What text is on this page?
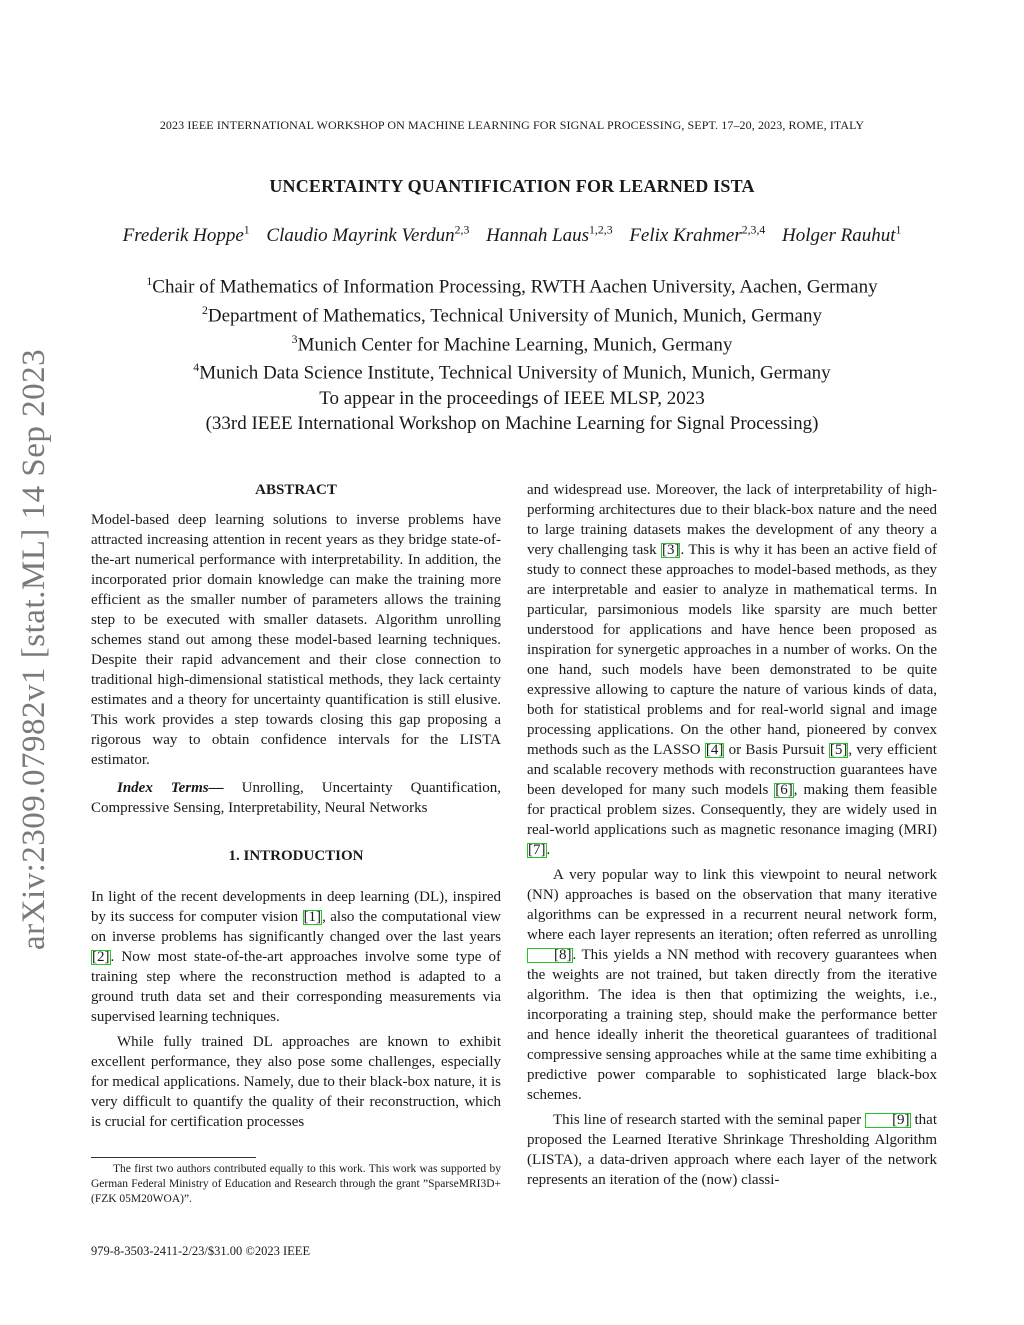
2023 IEEE INTERNATIONAL WORKSHOP ON MACHINE LEARNING FOR SIGNAL PROCESSING, SEPT. 17–20, 2023, ROME, ITALY
arXiv:2309.07982v1 [stat.ML] 14 Sep 2023
UNCERTAINTY QUANTIFICATION FOR LEARNED ISTA
Frederik Hoppe$^1$ Claudio Mayrink Verdun$^{2,3}$ Hannah Laus$^{1,2,3}$ Felix Krahmer$^{2,3,4}$ Holger Rauhut$^1$
$^1$Chair of Mathematics of Information Processing, RWTH Aachen University, Aachen, Germany
$^2$Department of Mathematics, Technical University of Munich, Munich, Germany
$^3$Munich Center for Machine Learning, Munich, Germany
$^4$Munich Data Science Institute, Technical University of Munich, Munich, Germany
To appear in the proceedings of IEEE MLSP, 2023
(33rd IEEE International Workshop on Machine Learning for Signal Processing)

ABSTRACT

Model-based deep learning solutions to inverse problems have attracted increasing attention in recent years as they bridge state-of-the-art numerical performance with interpretability. In addition, the incorporated prior domain knowledge can make the training more efficient as the smaller number of parameters allows the training step to be executed with smaller datasets. Algorithm unrolling schemes stand out among these model-based learning techniques. Despite their rapid advancement and their close connection to traditional high-dimensional statistical methods, they lack certainty estimates and a theory for uncertainty quantification is still elusive. This work provides a step towards closing this gap proposing a rigorous way to obtain confidence intervals for the LISTA estimator.

Index Terms— Unrolling, Uncertainty Quantification, Compressive Sensing, Interpretability, Neural Networks

1. INTRODUCTION

In light of the recent developments in deep learning (DL), inspired by its success for computer vision [1], also the computational view on inverse problems has significantly changed over the last years [2]. Now most state-of-the-art approaches involve some type of training step where the reconstruction method is adapted to a ground truth data set and their corresponding measurements via supervised learning techniques.

While fully trained DL approaches are known to exhibit excellent performance, they also pose some challenges, especially for medical applications. Namely, due to their black-box nature, it is very difficult to quantify the quality of their reconstruction, which is crucial for certification processes

and widespread use. Moreover, the lack of interpretability of high-performing architectures due to their black-box nature and the need to large training datasets makes the development of any theory a very challenging task [3]. This is why it has been an active field of study to connect these approaches to model-based methods, as they are interpretable and easier to analyze in mathematical terms. In particular, parsimonious models like sparsity are much better understood for applications and have hence been proposed as inspiration for synergetic approaches in a number of works. On the one hand, such models have been demonstrated to be quite expressive allowing to capture the nature of various kinds of data, both for statistical problems and for real-world signal and image processing applications. On the other hand, pioneered by convex methods such as the LASSO [4] or Basis Pursuit [5], very efficient and scalable recovery methods with reconstruction guarantees have been developed for many such models [6], making them feasible for practical problem sizes. Consequently, they are widely used in real-world applications such as magnetic resonance imaging (MRI) [7].

A very popular way to link this viewpoint to neural network (NN) approaches is based on the observation that many iterative algorithms can be expressed in a recurrent neural network form, where each layer represents an iteration; often referred as unrolling [8]. This yields a NN method with recovery guarantees when the weights are not trained, but taken directly from the iterative algorithm. The idea is then that optimizing the weights, i.e., incorporating a training step, should make the performance better and hence ideally inherit the theoretical guarantees of traditional compressive sensing approaches while at the same time exhibiting a predictive power comparable to sophisticated large black-box schemes.

This line of research started with the seminal paper [9] that proposed the Learned Iterative Shrinkage Thresholding Algorithm (LISTA), a data-driven approach where each layer of the network represents an iteration of the (now) classi-

The first two authors contributed equally to this work. This work was supported by German Federal Ministry of Education and Research through the grant ”SparseMRI3D+ (FZK 05M20WOA)”.
979-8-3503-2411-2/23/$31.00 ©2023 IEEE
